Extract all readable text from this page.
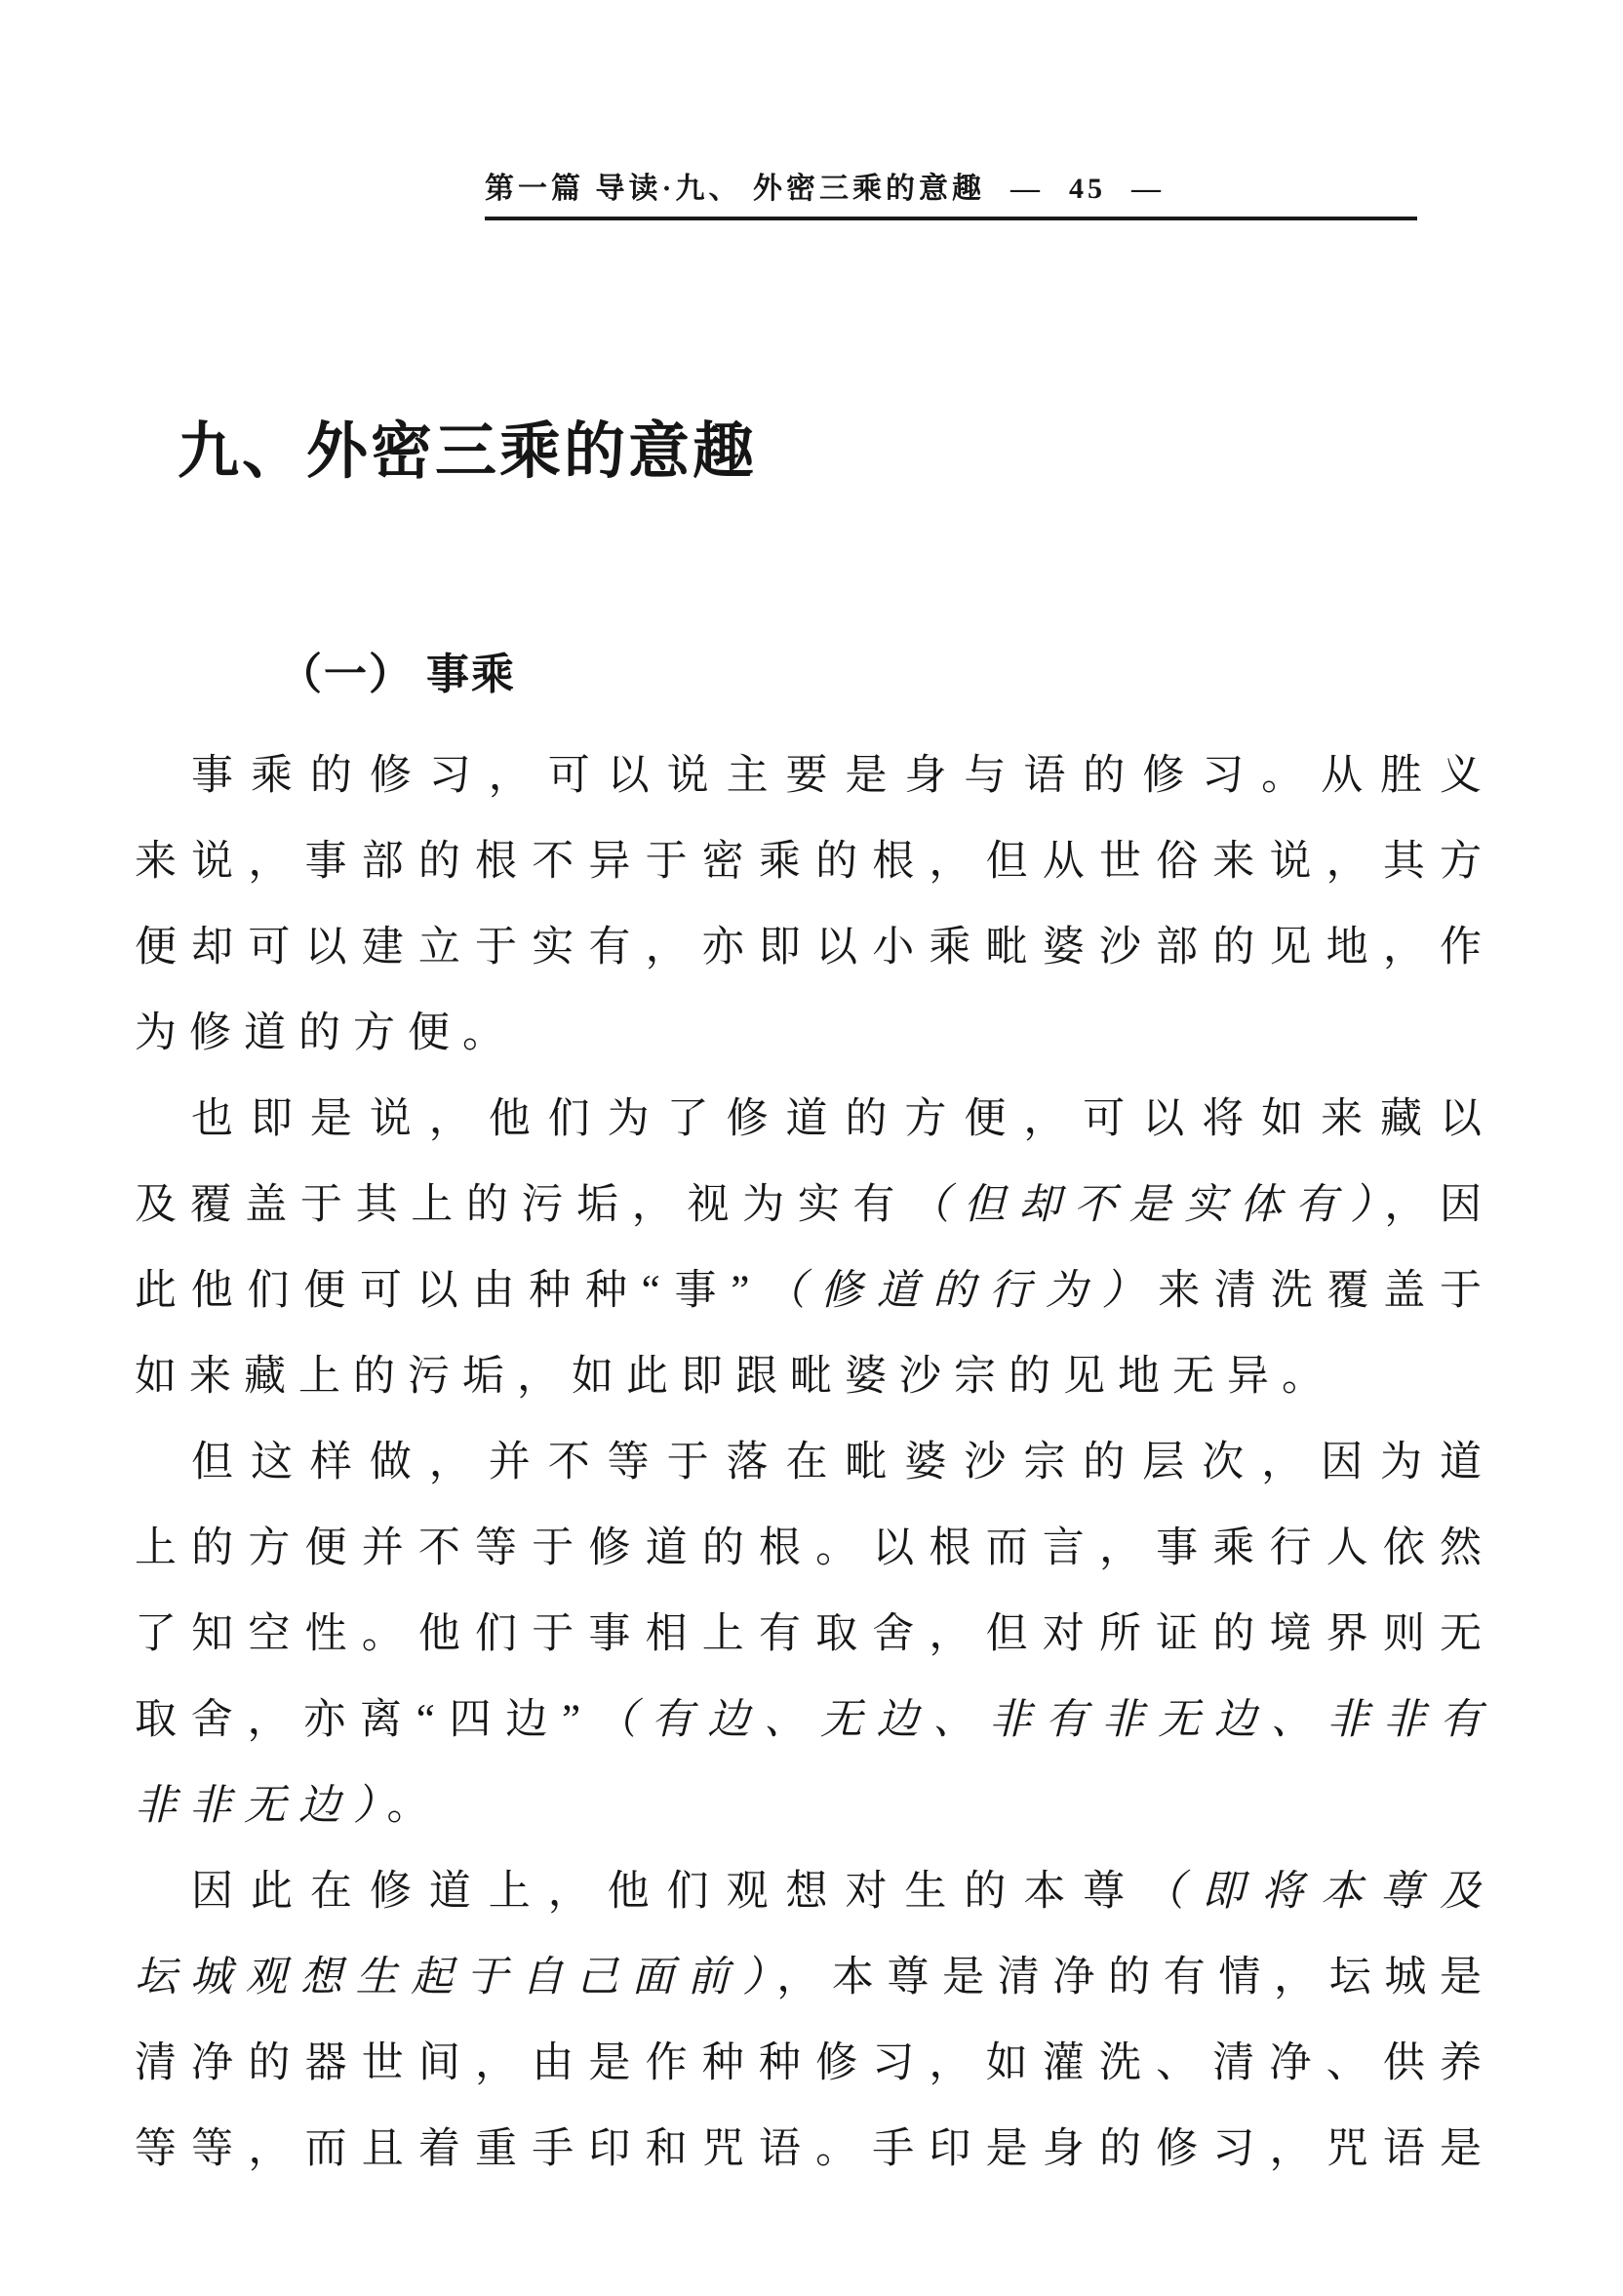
第一篇 导读·九、 外密三乘的意趣 — 45 —
九、外密三乘的意趣
（一） 事乘
事乘的修习，可以说主要是身与语的修习。从胜义
来说，事部的根不异于密乘的根，但从世俗来说，其方
便却可以建立于实有，亦即以小乘毗婆沙部的见地，作
为修道的方便。
也即是说，他们为了修道的方便，可以将如来藏以
及覆盖于其上的污垢，视为实有（但却不是实体有），因
此他们便可以由种种“事”（修道的行为）来清洗覆盖于
如来藏上的污垢，如此即跟毗婆沙宗的见地无异。
但这样做，并不等于落在毗婆沙宗的层次，因为道
上的方便并不等于修道的根。以根而言，事乘行人依然
了知空性。他们于事相上有取舍，但对所证的境界则无
取舍，亦离“四边”（有边、无边、非有非无边、非非有
非非无边）。
因此在修道上，他们观想对生的本尊（即将本尊及
坛城观想生起于自己面前），本尊是清净的有情，坛城是
清净的器世间，由是作种种修习，如灌洗、清净、供养
等等，而且着重手印和咒语。手印是身的修习，咒语是
